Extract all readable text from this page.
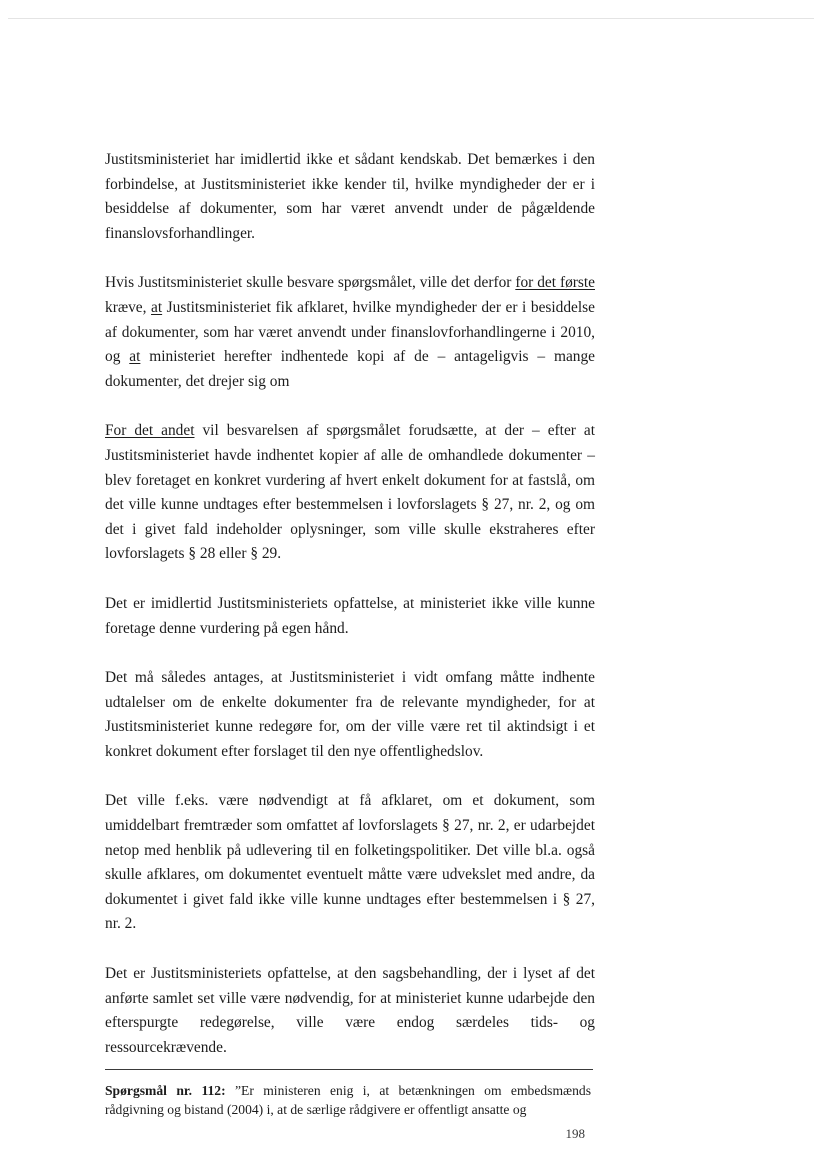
Justitsministeriet har imidlertid ikke et sådant kendskab. Det bemærkes i den forbindelse, at Justitsministeriet ikke kender til, hvilke myndigheder der er i besiddelse af dokumenter, som har været anvendt under de pågældende finanslovsforhandlinger.

Hvis Justitsministeriet skulle besvare spørgsmålet, ville det derfor for det første kræve, at Justitsministeriet fik afklaret, hvilke myndigheder der er i besiddelse af dokumenter, som har været anvendt under finanslovforhandlingerne i 2010, og at ministeriet herefter indhentede kopi af de – antageligvis – mange dokumenter, det drejer sig om

For det andet vil besvarelsen af spørgsmålet forudsætte, at der – efter at Justitsministeriet havde indhentet kopier af alle de omhandlede dokumenter – blev foretaget en konkret vurdering af hvert enkelt dokument for at fastslå, om det ville kunne undtages efter bestemmelsen i lovforslagets § 27, nr. 2, og om det i givet fald indeholder oplysninger, som ville skulle ekstraheres efter lovforslagets § 28 eller § 29.

Det er imidlertid Justitsministeriets opfattelse, at ministeriet ikke ville kunne foretage denne vurdering på egen hånd.

Det må således antages, at Justitsministeriet i vidt omfang måtte indhente udtalelser om de enkelte dokumenter fra de relevante myndigheder, for at Justitsministeriet kunne redegøre for, om der ville være ret til aktindsigt i et konkret dokument efter forslaget til den nye offentlighedslov.

Det ville f.eks. være nødvendigt at få afklaret, om et dokument, som umiddelbart fremtræder som omfattet af lovforslagets § 27, nr. 2, er udarbejdet netop med henblik på udlevering til en folketingspolitiker. Det ville bl.a. også skulle afklares, om dokumentet eventuelt måtte være udvekslet med andre, da dokumentet i givet fald ikke ville kunne undtages efter bestemmelsen i § 27, nr. 2.

Det er Justitsministeriets opfattelse, at den sagsbehandling, der i lyset af det anførte samlet set ville være nødvendig, for at ministeriet kunne udarbejde den efterspurgte redegørelse, ville være endog særdeles tids- og ressourcekrævende.

Spørgsmål nr. 112: ”Er ministeren enig i, at betænkningen om embedsmænds rådgivning og bistand (2004) i, at de særlige rådgivere er offentligt ansatte og
198
